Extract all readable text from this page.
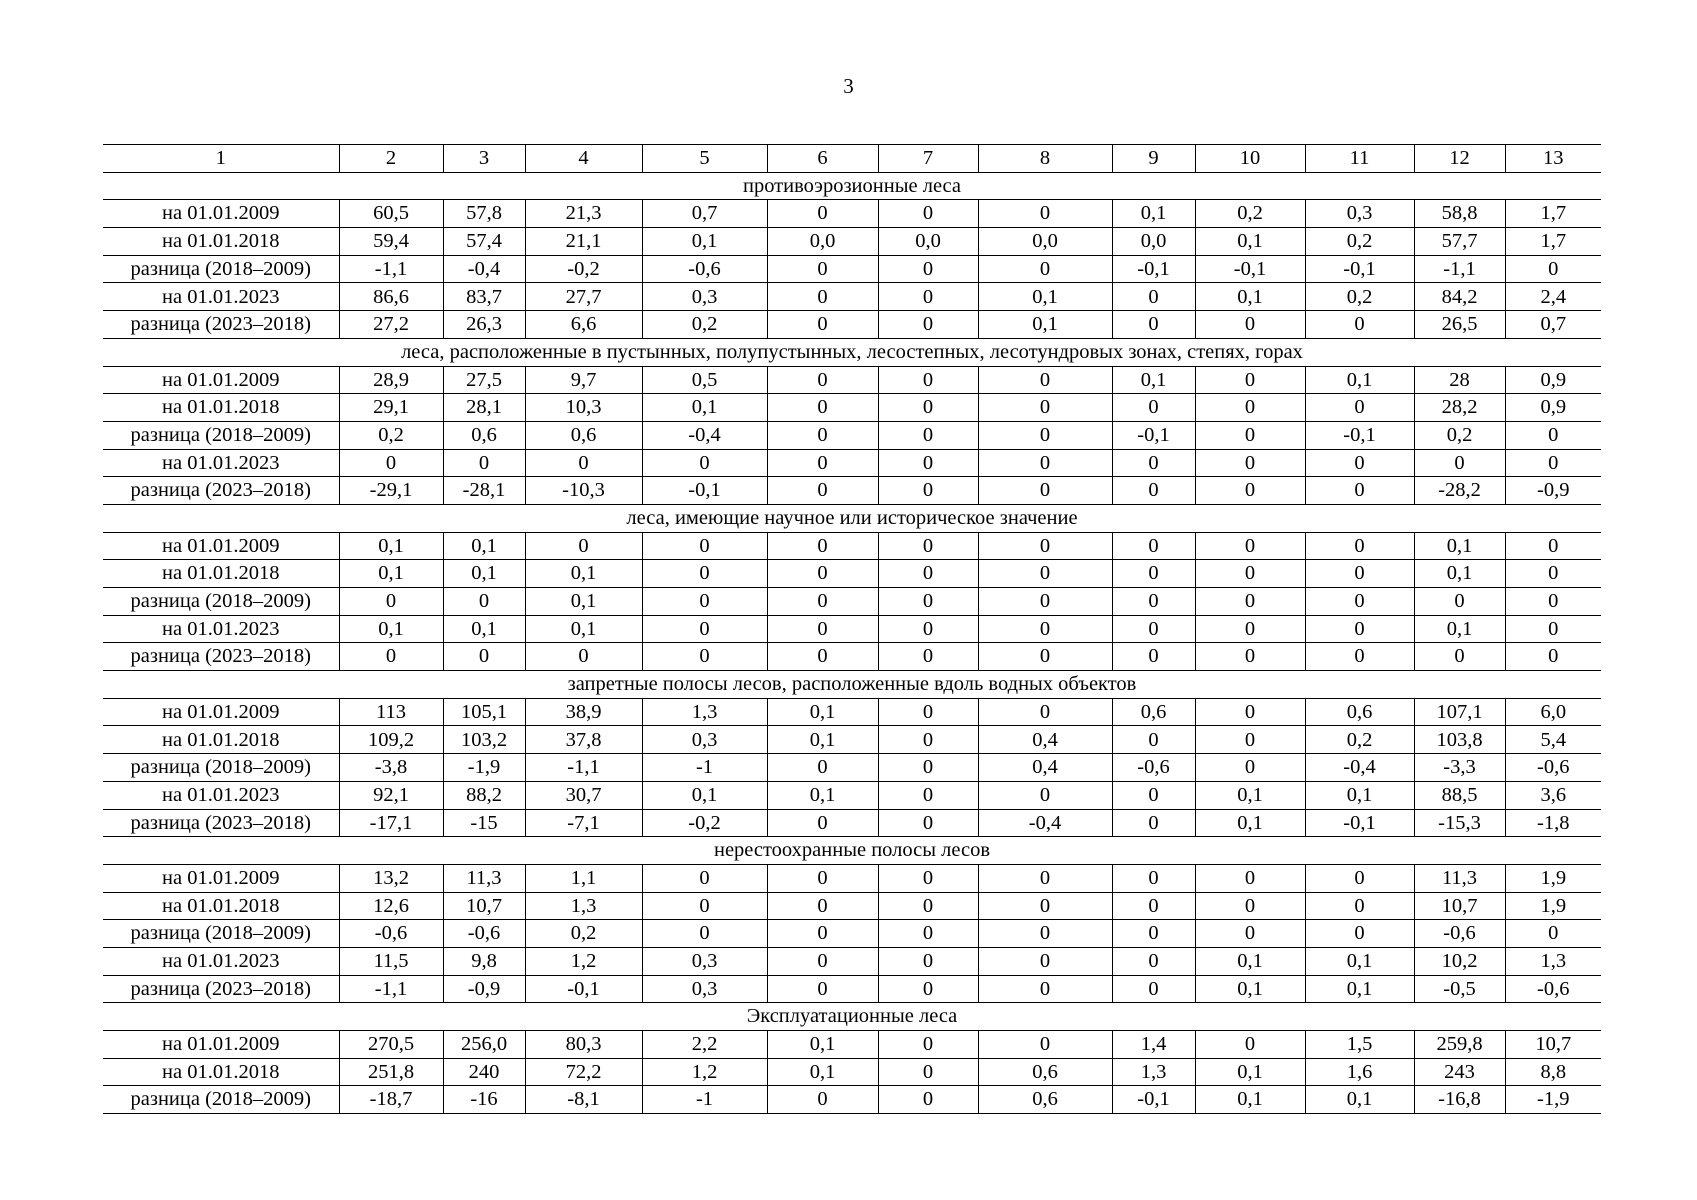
3
1	2	3	4	5	6	7	8	9	10	11	12	13
противоэрозионные леса												
на 01.01.2009	60,5	57,8	21,3	0,7	0	0	0	0,1	0,2	0,3	58,8	1,7
на 01.01.2018	59,4	57,4	21,1	0,1	0,0	0,0	0,0	0,0	0,1	0,2	57,7	1,7
разница (2018–2009)	-1,1	-0,4	-0,2	-0,6	0	0	0	-0,1	-0,1	-0,1	-1,1	0
на 01.01.2023	86,6	83,7	27,7	0,3	0	0	0,1	0	0,1	0,2	84,2	2,4
разница (2023–2018)	27,2	26,3	6,6	0,2	0	0	0,1	0	0	0	26,5	0,7
леса, расположенные в пустынных, полупустынных, лесостепных, лесотундровых зонах, степях, горах												
на 01.01.2009	28,9	27,5	9,7	0,5	0	0	0	0,1	0	0,1	28	0,9
на 01.01.2018	29,1	28,1	10,3	0,1	0	0	0	0	0	0	28,2	0,9
разница (2018–2009)	0,2	0,6	0,6	-0,4	0	0	0	-0,1	0	-0,1	0,2	0
на 01.01.2023	0	0	0	0	0	0	0	0	0	0	0	0
разница (2023–2018)	-29,1	-28,1	-10,3	-0,1	0	0	0	0	0	0	-28,2	-0,9
леса, имеющие научное или историческое значение												
на 01.01.2009	0,1	0,1	0	0	0	0	0	0	0	0	0,1	0
на 01.01.2018	0,1	0,1	0,1	0	0	0	0	0	0	0	0,1	0
разница (2018–2009)	0	0	0,1	0	0	0	0	0	0	0	0	0
на 01.01.2023	0,1	0,1	0,1	0	0	0	0	0	0	0	0,1	0
разница (2023–2018)	0	0	0	0	0	0	0	0	0	0	0	0
запретные полосы лесов, расположенные вдоль водных объектов												
на 01.01.2009	113	105,1	38,9	1,3	0,1	0	0	0,6	0	0,6	107,1	6,0
на 01.01.2018	109,2	103,2	37,8	0,3	0,1	0	0,4	0	0	0,2	103,8	5,4
разница (2018–2009)	-3,8	-1,9	-1,1	-1	0	0	0,4	-0,6	0	-0,4	-3,3	-0,6
на 01.01.2023	92,1	88,2	30,7	0,1	0,1	0	0	0	0,1	0,1	88,5	3,6
разница (2023–2018)	-17,1	-15	-7,1	-0,2	0	0	-0,4	0	0,1	-0,1	-15,3	-1,8
нерестоохранные полосы лесов												
на 01.01.2009	13,2	11,3	1,1	0	0	0	0	0	0	0	11,3	1,9
на 01.01.2018	12,6	10,7	1,3	0	0	0	0	0	0	0	10,7	1,9
разница (2018–2009)	-0,6	-0,6	0,2	0	0	0	0	0	0	0	-0,6	0
на 01.01.2023	11,5	9,8	1,2	0,3	0	0	0	0	0,1	0,1	10,2	1,3
разница (2023–2018)	-1,1	-0,9	-0,1	0,3	0	0	0	0	0,1	0,1	-0,5	-0,6
Эксплуатационные леса												
на 01.01.2009	270,5	256,0	80,3	2,2	0,1	0	0	1,4	0	1,5	259,8	10,7
на 01.01.2018	251,8	240	72,2	1,2	0,1	0	0,6	1,3	0,1	1,6	243	8,8
разница (2018–2009)	-18,7	-16	-8,1	-1	0	0	0,6	-0,1	0,1	0,1	-16,8	-1,9
